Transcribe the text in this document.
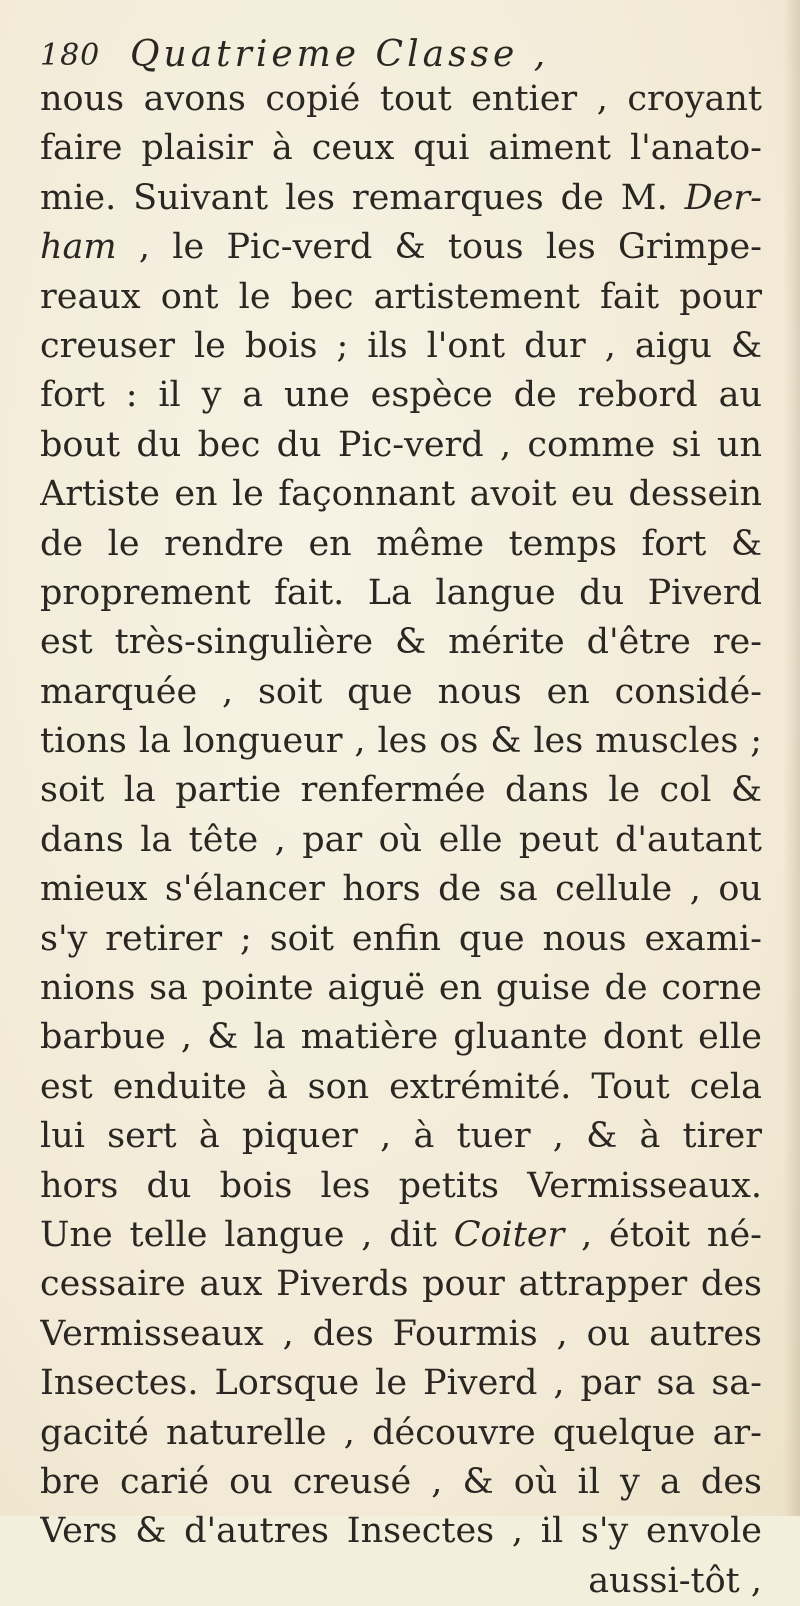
180 Quatrieme Classe ,
nous avons copié tout entier , croyant
faire plaisir à ceux qui aiment l'anato-
mie. Suivant les remarques de M. Der-
ham , le Pic-verd & tous les Grimpe-
reaux ont le bec artistement fait pour
creuser le bois ; ils l'ont dur , aigu &
fort : il y a une espèce de rebord au
bout du bec du Pic-verd , comme si un
Artiste en le façonnant avoit eu dessein
de le rendre en même temps fort &
proprement fait. La langue du Piverd
est très-singulière & mérite d'être re-
marquée , soit que nous en considé-
tions la longueur , les os & les muscles ;
soit la partie renfermée dans le col &
dans la tête , par où elle peut d'autant
mieux s'élancer hors de sa cellule , ou
s'y retirer ; soit enfin que nous exami-
nions sa pointe aiguë en guise de corne
barbue , & la matière gluante dont elle
est enduite à son extrémité. Tout cela
lui sert à piquer , à tuer , & à tirer
hors du bois les petits Vermisseaux.
Une telle langue , dit Coiter , étoit né-
cessaire aux Piverds pour attrapper des
Vermisseaux , des Fourmis , ou autres
Insectes. Lorsque le Piverd , par sa sa-
gacité naturelle , découvre quelque ar-
bre carié ou creusé , & où il y a des
Vers & d'autres Insectes , il s'y envole
aussi-tôt ,
